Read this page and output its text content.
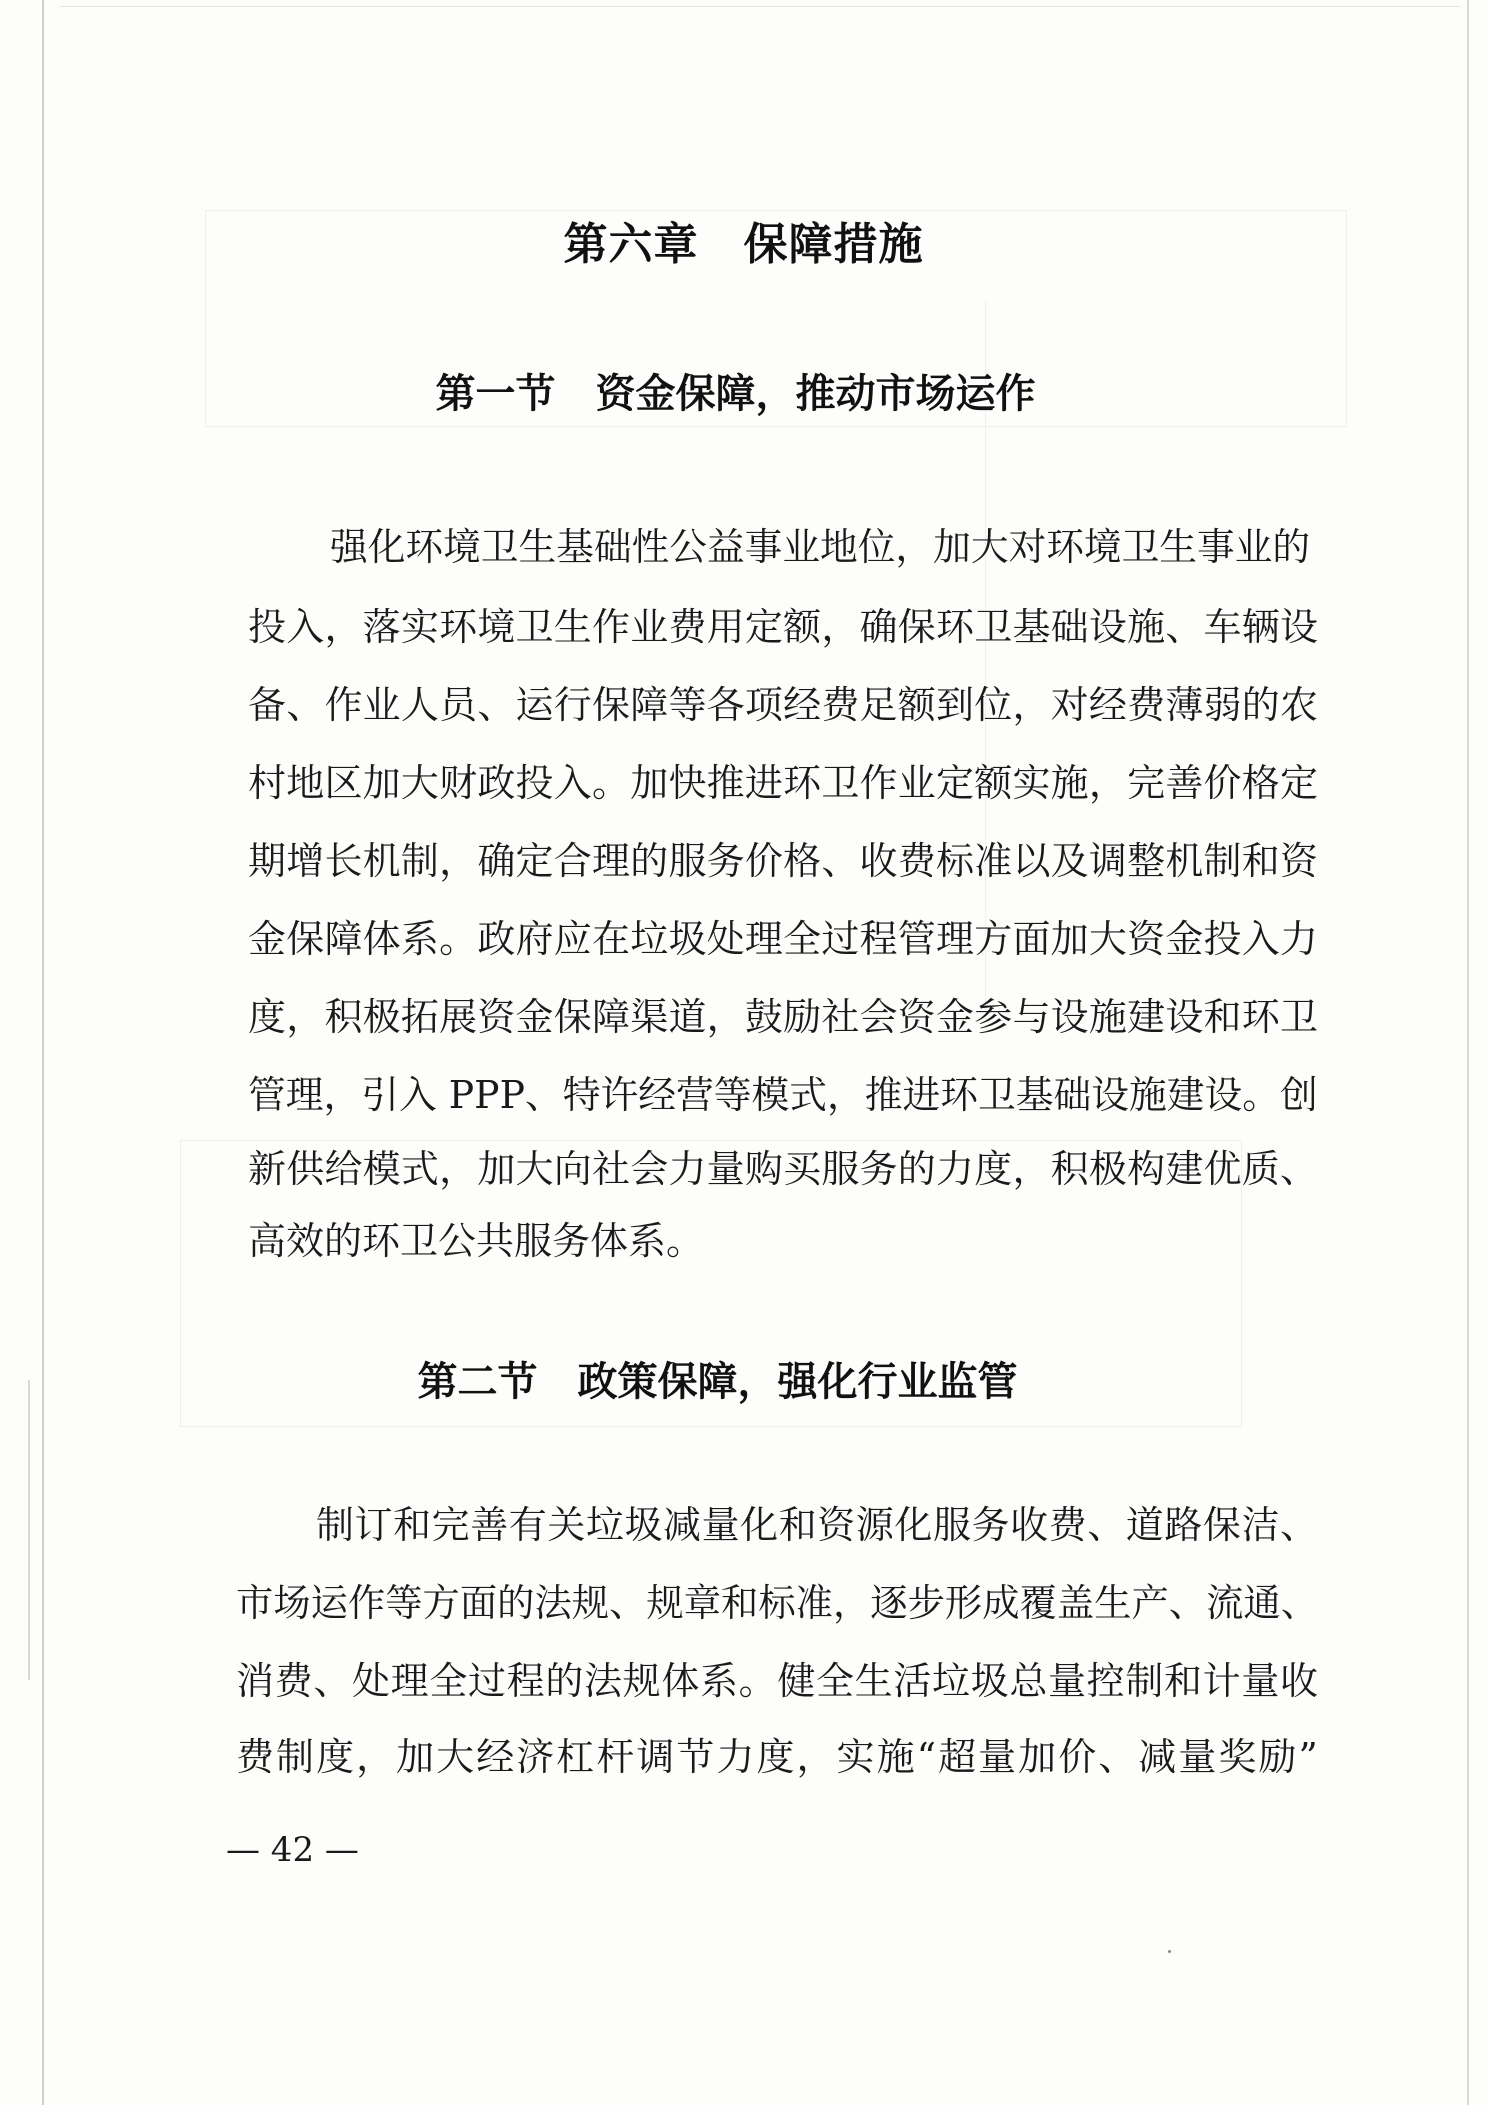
第六章　保障措施
第一节　资金保障，推动市场运作
强化环境卫生基础性公益事业地位，加大对环境卫生事业的
投入，落实环境卫生作业费用定额，确保环卫基础设施、车辆设
备、作业人员、运行保障等各项经费足额到位，对经费薄弱的农
村地区加大财政投入。加快推进环卫作业定额实施，完善价格定
期增长机制，确定合理的服务价格、收费标准以及调整机制和资
金保障体系。政府应在垃圾处理全过程管理方面加大资金投入力
度，积极拓展资金保障渠道，鼓励社会资金参与设施建设和环卫
管理，引入 PPP、特许经营等模式，推进环卫基础设施建设。创
新供给模式，加大向社会力量购买服务的力度，积极构建优质、
高效的环卫公共服务体系。
第二节　政策保障，强化行业监管
制订和完善有关垃圾减量化和资源化服务收费、道路保洁、
市场运作等方面的法规、规章和标准，逐步形成覆盖生产、流通、
消费、处理全过程的法规体系。健全生活垃圾总量控制和计量收
费制度，加大经济杠杆调节力度，实施“超量加价、减量奖励”
— 42 —
